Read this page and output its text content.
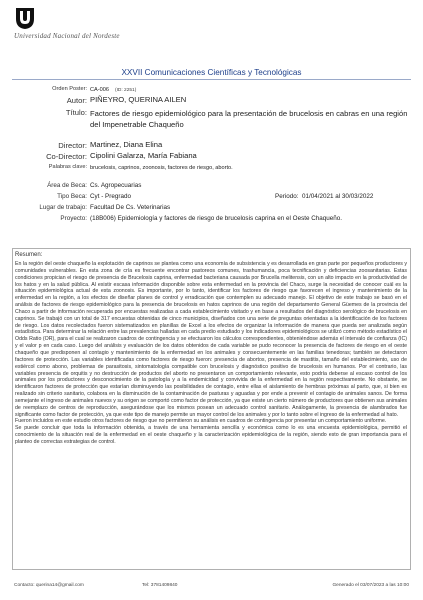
Universidad Nacional del Nordeste
XXVII Comunicaciones Científicas y Tecnológicas
Orden Poster: CA-006 (ID: 2251)
Autor: PIÑEYRO, QUERINA AILEN
Título: Factores de riesgo epidemiológico para la presentación de brucelosis en cabras en una región del Impenetrable Chaqueño
Director: Martinez, Diana Elina
Co-Director: Cipolini Galarza, María Fabiana
Palabras clave: brucelosis, caprinos, zoonosis, factores de riesgo, aborto.
Área de Beca: Cs. Agropecuarias
Tipo Beca: Cyt - Pregrado	Periodo: 01/04/2021 al 30/03/2022
Lugar de trabajo: Facultad De Cs. Veterinarias
Proyecto: (18B006) Epidemiología y factores de riesgo de brucelosis caprina en el Oeste Chaqueño.
Resumen:

En la región del oeste chaqueño la explotación de caprinos se plantea como una economía de subsistencia y es desarrollada en gran parte por pequeños productores y comunidades vulnerables. En esta zona de cría es frecuente encontrar pastoreos comunes, trashumancia, poca tecnificación y deficiencias zoosanitarias. Estas condiciones propician el riesgo de presencia de Brucelosis caprina, enfermedad bacteriana causada por Brucella melitensis, con un alto impacto en la productividad de los hatos y en la salud pública. Al existir escasa información disponible sobre esta enfermedad en la provincia del Chaco, surge la necesidad de conocer cuál es la situación epidemiológica actual de esta zoonosis. Es importante, por lo tanto, identificar los factores de riesgo que favorecen el ingreso y mantenimiento de la enfermedad en la región, a los efectos de diseñar planes de control y erradicación que contemplen su adecuado manejo. El objetivo de este trabajo se basó en el análisis de factores de riesgo epidemiológico para la presencia de brucelosis en hatos caprinos de una región del departamento General Güemes de la provincia del Chaco a partir de información recuperada por encuestas realizadas a cada establecimiento visitado y en base a resultados del diagnóstico serológico de brucelosis en caprinos. Se trabajó con un total de 317 encuestas obtenidas de cinco municipios, diseñados con una serie de preguntas orientadas a la identificación de los factores de riesgo. Los datos recolectados fueron sistematizados en planillas de Excel a los efectos de organizar la información de manera que pueda ser analizada según estadística. Para determinar la relación entre las prevalencias halladas en cada predio estudiado y los indicadores epidemiológicos se utilizó como método estadístico el Odds Ratio (OR), para el cual se realizaron cuadros de contingencia y se efectuaron los cálculos correspondientes, obteniéndose además el intervalo de confianza (IC) y el valor p en cada caso. Luego del análisis y evaluación de los datos obtenidos de cada variable se pudo reconocer la presencia de factores de riesgo en el oeste chaqueño que predisponen al contagio y mantenimiento de la enfermedad en los animales y consecuentemente en las familias tenedoras; también se detectaron factores de protección. Las variables identificadas como factores de riesgo fueron: presencia de abortos, presencia de mastitis, tamaño del establecimiento, uso de estiércol como abono, problemas de parasitosis, sintomatología compatible con brucelosis y diagnóstico positivo de brucelosis en humanos. Por el contrario, las variables presencia de orquitis y no destrucción de productos del aborto no presentaron un comportamiento relevante, esto podría deberse al escaso control de los animales por los productores y desconocimiento de la patología y a la endemicidad y convivida de la enfermedad en la región respectivamente. No obstante, se identificaron factores de protección que estarían disminuyendo las posibilidades de contagio, entre ellas el aislamiento de hembras próximas al parto, que, si bien es realizado sin criterio sanitario, colabora en la disminución de la contaminación de pasturas y aguadas y por ende a prevenir el contagio de animales sanos. De forma semejante el ingreso de animales nuevos y su origen se comportó como factor de protección, ya que existe un cierto número de productores que obtienen sus animales de reemplazo de centros de reproducción, asegurándose que los mismos posean un adecuado control sanitario. Análogamente, la presencia de alambrados fue significante como factor de protección, ya que este tipo de manejo permite un mayor control de los animales y por lo tanto sobre el ingreso de la enfermedad al hato.

Fueron incluidos en este estudio otros factores de riesgo que no permitieron su análisis en cuadros de contingencia por presentar un comportamiento uniforme.

Se puede concluir que toda la información obtenida, a través de una herramienta sencilla y económica como lo es una encuesta epidemiológica, permitió el conocimiento de la situación real de la enfermedad en el oeste chaqueño y la caracterización epidemiológica de la región, siendo esto de gran importancia para el planteo de correctas estrategias de control.

Contacto: querina14@gmail.com	Tel: 3781409840	Generado el 03/07/2023 a las 10:00
